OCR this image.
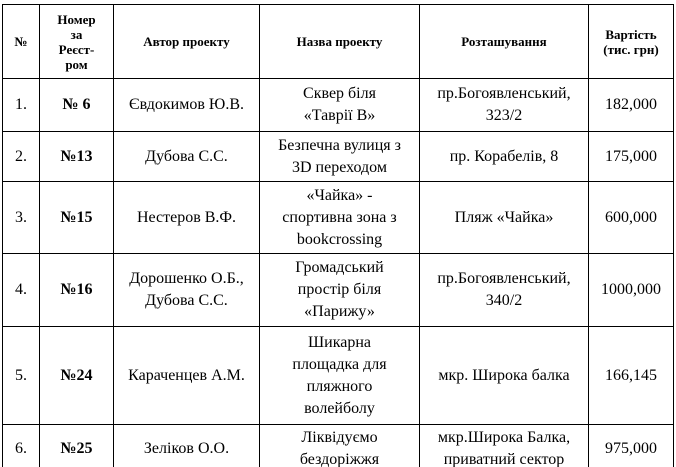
№	Номер
за
Реєст-
ром	Автор проекту	Назва проекту	Розташування	Вартість
(тис. грн)

1.	№ 6	Євдокимов Ю.В.	Сквер біля
«Таврії В»	пр.Богоявленський,
323/2	182,000
2.	№13	Дубова С.С.	Безпечна вулиця з
3D переходом	пр. Корабелів, 8	175,000
3.	№15	Нестеров В.Ф.	«Чайка» -
спортивна зона з
bookcrossing	Пляж «Чайка»	600,000
4.	№16	Дорошенко О.Б.,
Дубова С.С.	Громадський
простір біля
«Парижу»	пр.Богоявленський,
340/2	1000,000
5.	№24	Караченцев А.М.	Шикарна
площадка для
пляжного
волейболу	мкр. Широка балка	166,145
6.	№25	Зеліков О.О.	Ліквідуємо
бездоріжжя	мкр.Широка Балка,
приватний сектор	975,000
